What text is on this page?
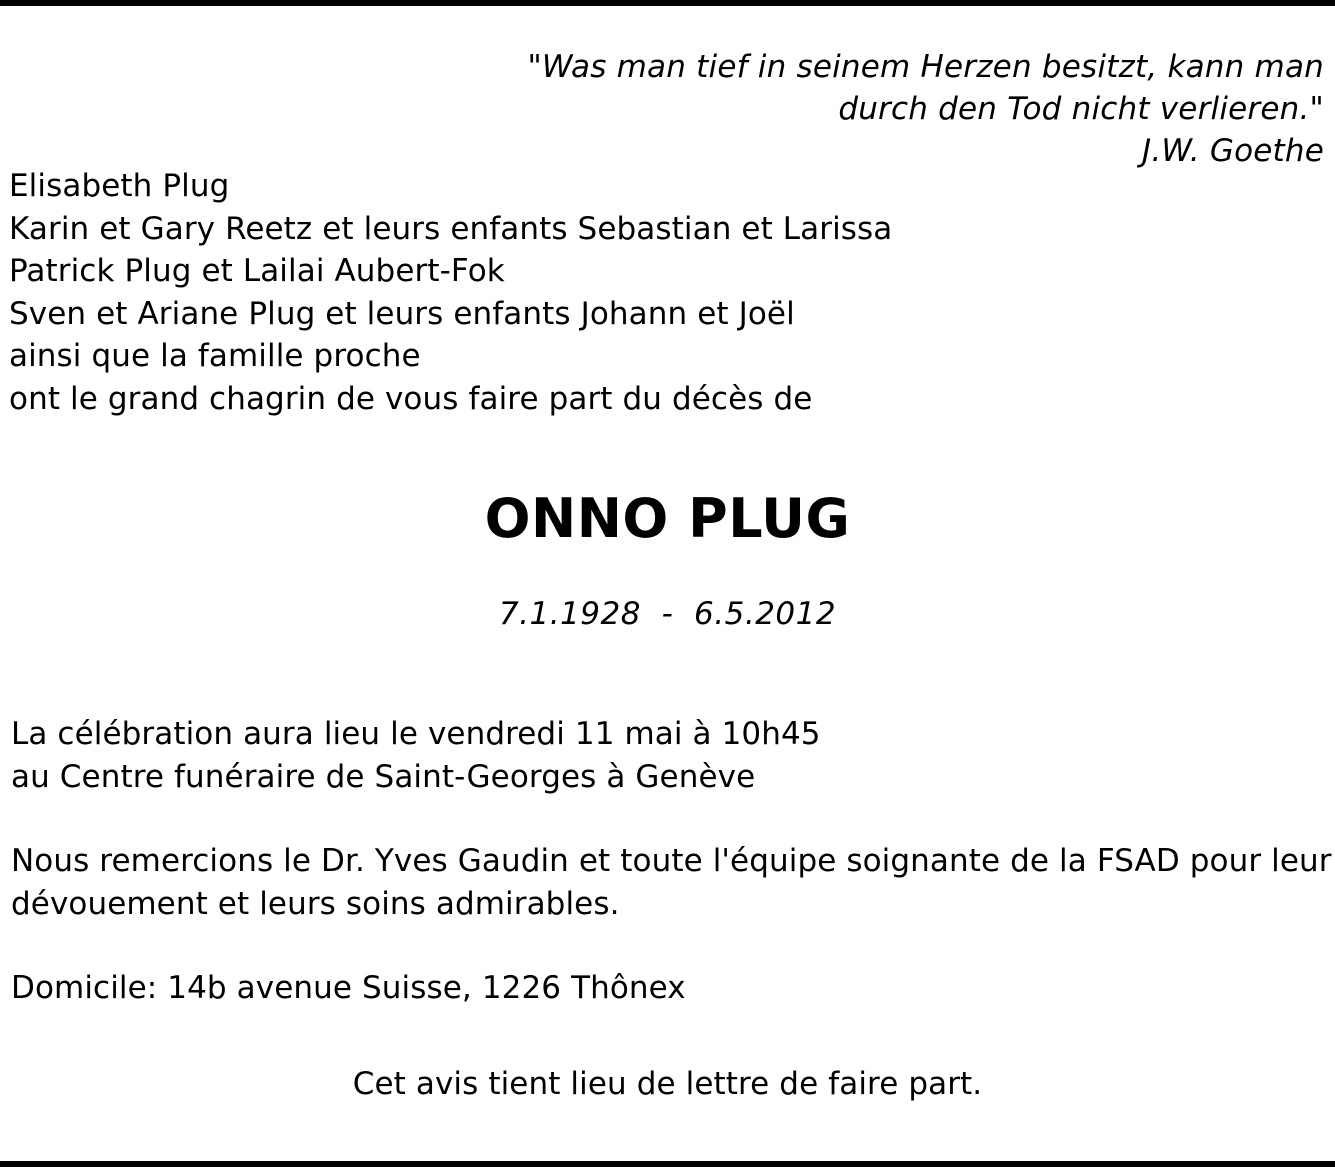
"Was man tief in seinem Herzen besitzt, kann man
durch den Tod nicht verlieren."
J.W. Goethe
Elisabeth Plug
Karin et Gary Reetz et leurs enfants Sebastian et Larissa
Patrick Plug et Lailai Aubert-Fok
Sven et Ariane Plug et leurs enfants Johann et Joël
ainsi que la famille proche
ont le grand chagrin de vous faire part du décès de
ONNO PLUG
7.1.1928  -  6.5.2012
La célébration aura lieu le vendredi 11 mai à 10h45
au Centre funéraire de Saint-Georges à Genève
Nous remercions le Dr. Yves Gaudin et toute l'équipe soignante de la FSAD pour leur
dévouement et leurs soins admirables.
Domicile: 14b avenue Suisse, 1226 Thônex
Cet avis tient lieu de lettre de faire part.
